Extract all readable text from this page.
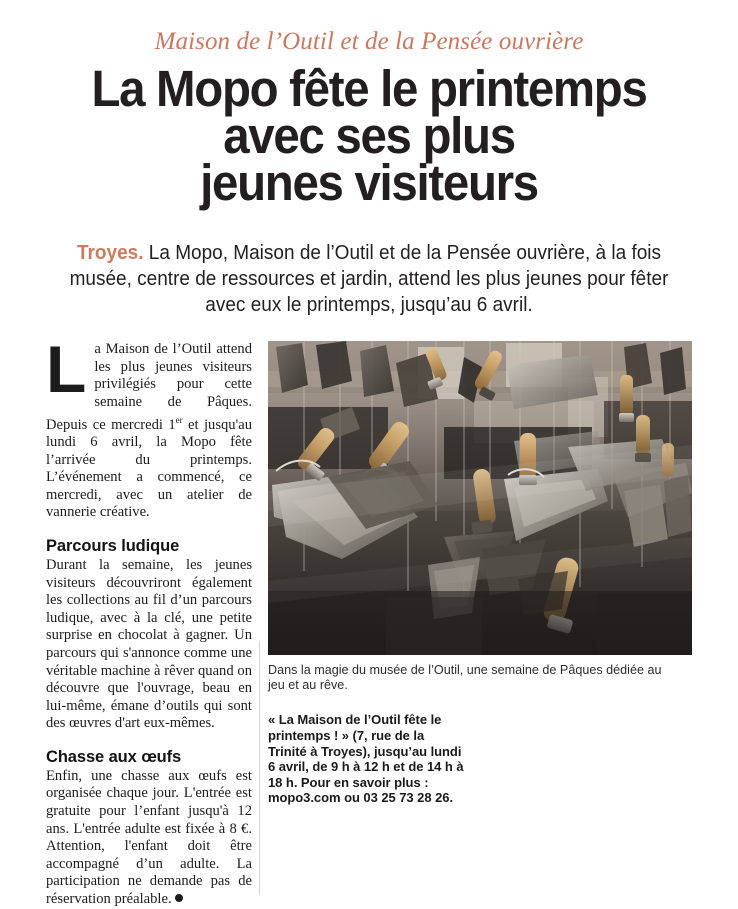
Maison de l’Outil et de la Pensée ouvrière
La Mopo fête le printemps
avec ses plus
jeunes visiteurs
Troyes. La Mopo, Maison de l’Outil et de la Pensée ouvrière, à la fois musée, centre de ressources et jardin, attend les plus jeunes pour fêter avec eux le printemps, jusqu’au 6 avril.

La Maison de l’Outil attend les plus jeunes visiteurs privilégiés pour cette semaine de Pâques. Depuis ce mercredi 1er et jusqu'au lundi 6 avril, la Mopo fête l’arrivée du printemps. L’événement a commencé, ce mercredi, avec un atelier de vannerie créative.

Parcours ludique

Durant la semaine, les jeunes visiteurs découvriront également les collections au fil d’un parcours ludique, avec à la clé, une petite surprise en chocolat à gagner. Un parcours qui s'annonce comme une véritable machine à rêver quand on découvre que l'ouvrage, beau en lui-même, émane d’outils qui sont des œuvres d'art eux-mêmes.

Chasse aux œufs

Enfin, une chasse aux œufs est organisée chaque jour. L'entrée est gratuite pour l’enfant jusqu'à 12 ans. L'entrée adulte est fixée à 8 €. Attention, l'enfant doit être accompagné d’un adulte. La participation ne demande pas de réservation préalable.

Dans la magie du musée de l’Outil, une semaine de Pâques dédiée au jeu et au rêve.
« La Maison de l’Outil fête le printemps ! » (7, rue de la Trinité à Troyes), jusqu’au lundi 6 avril, de 9 h à 12 h et de 14 h à 18 h. Pour en savoir plus : mopo3.com ou 03 25 73 28 26.
